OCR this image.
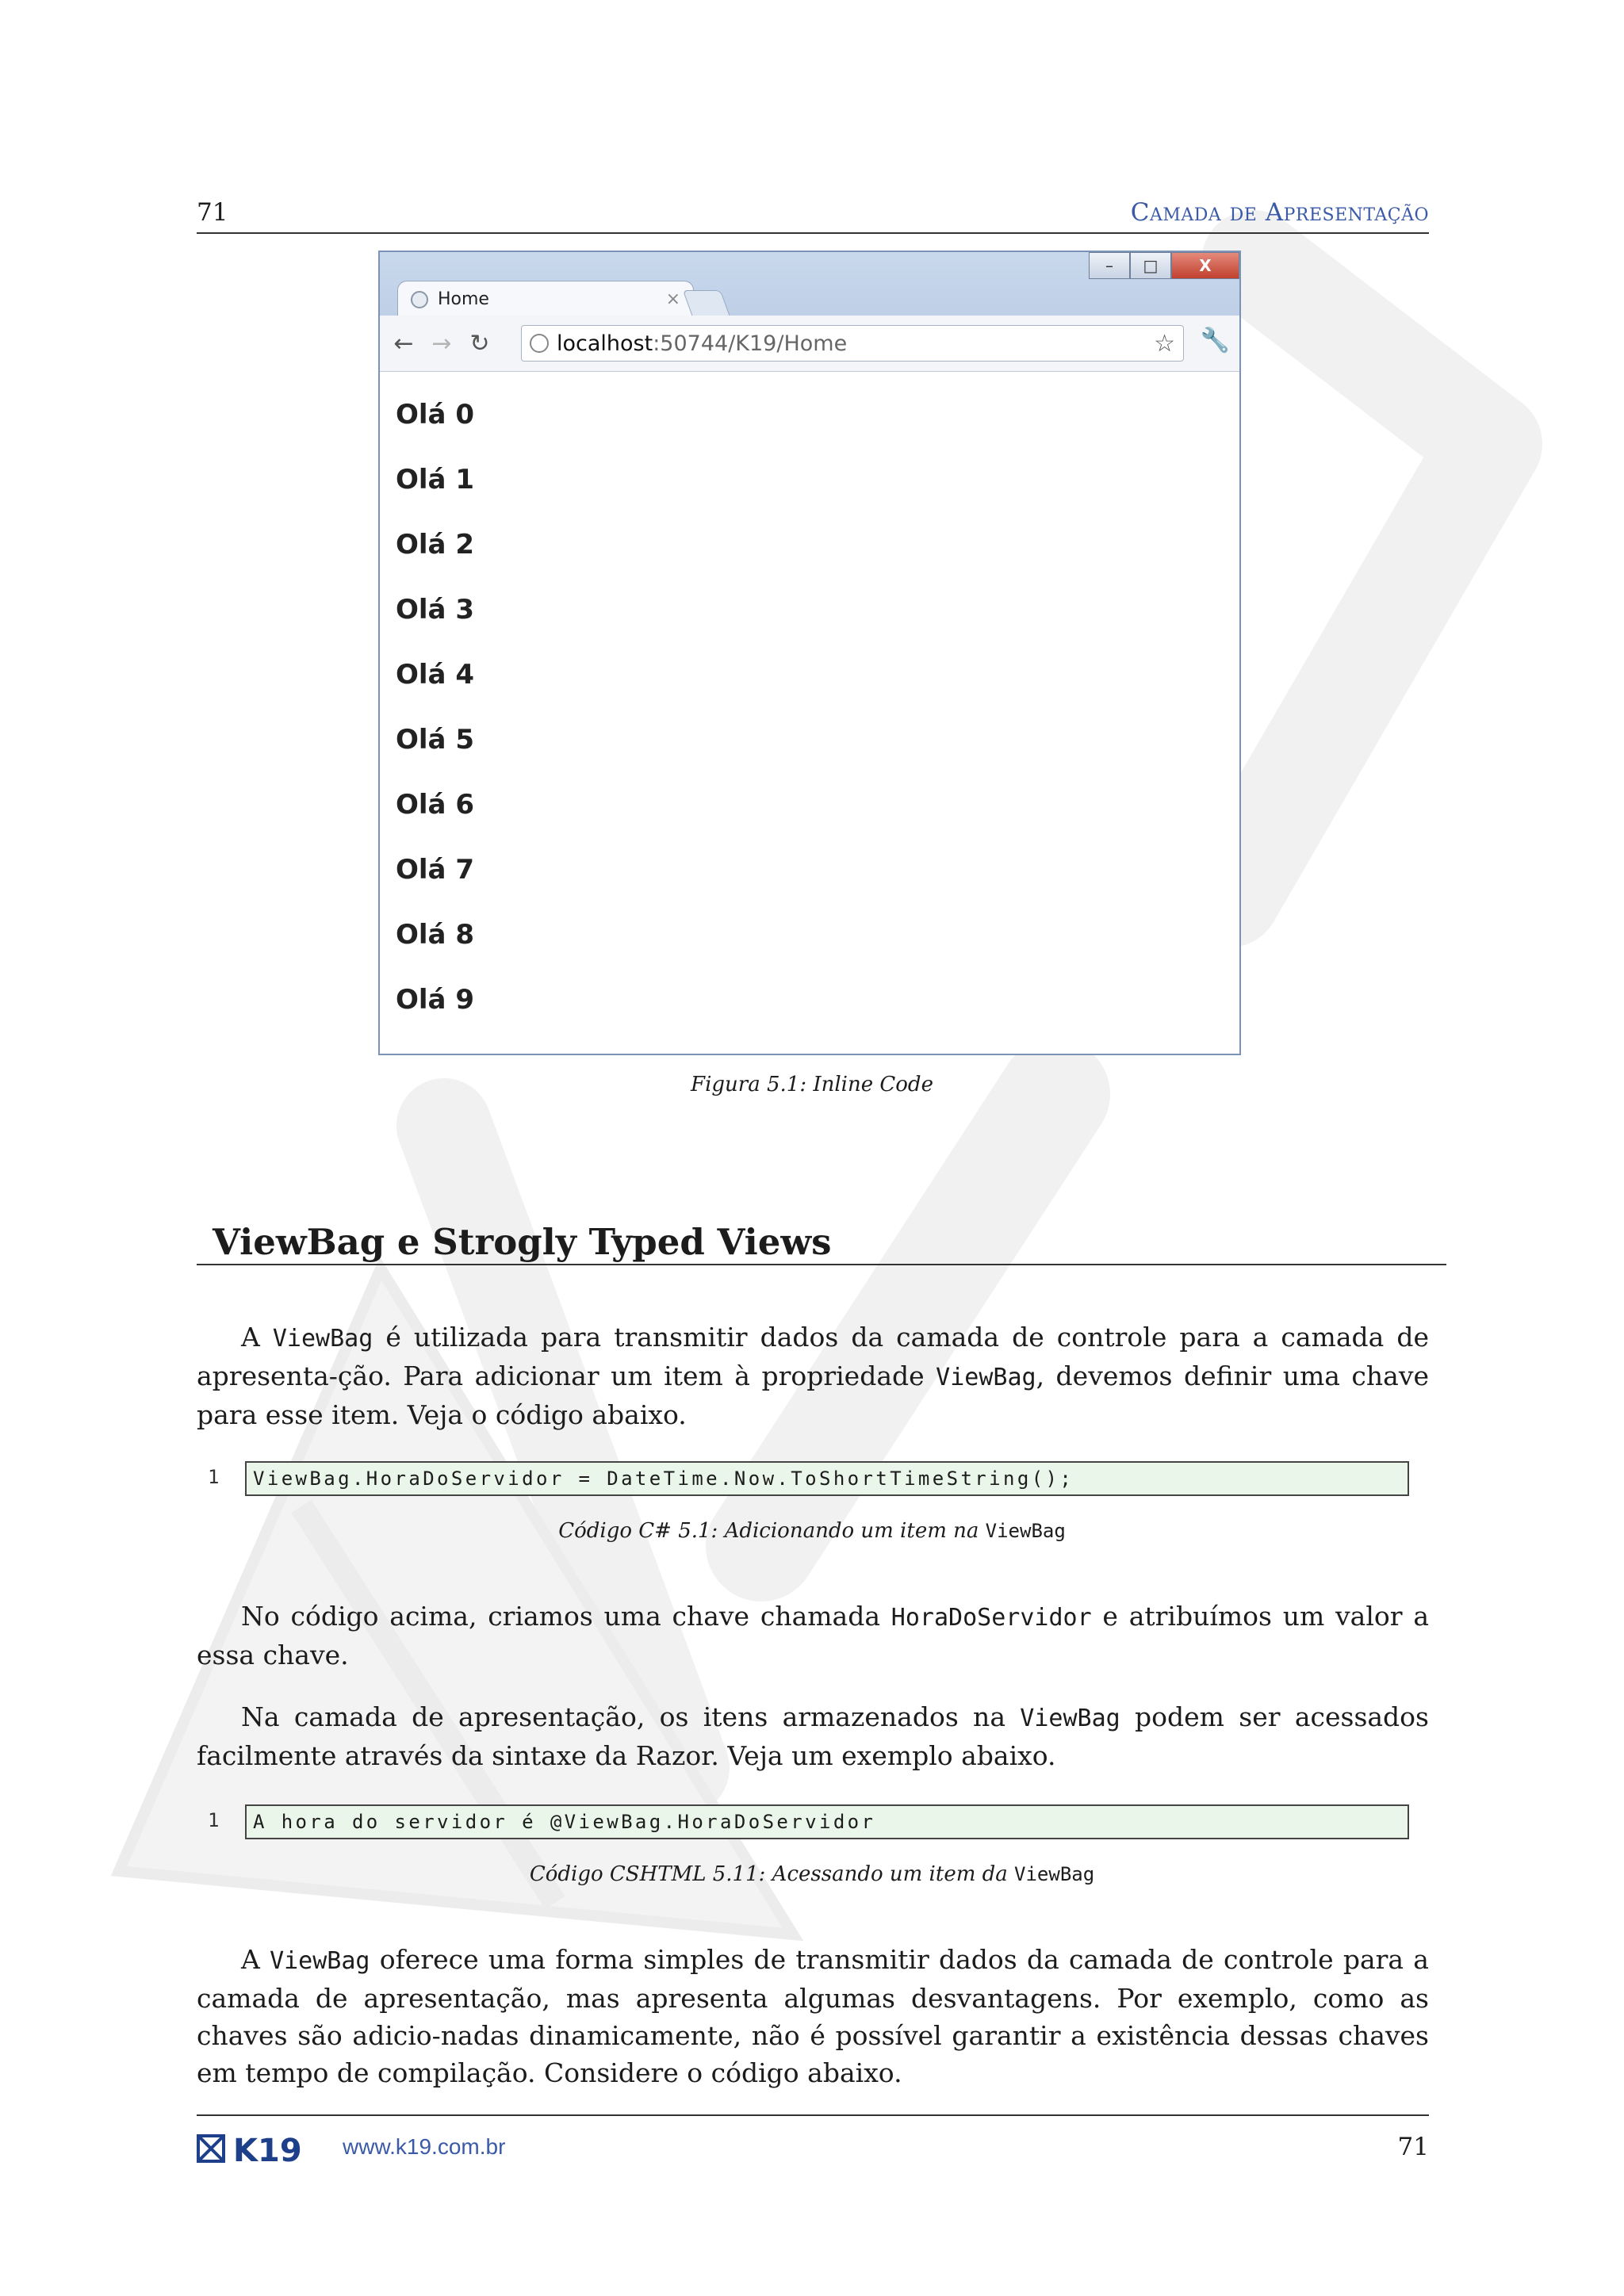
71	Camada de Apresentação
–	□	X
Home	×
← → ↻	localhost :50744/K19/Home	☆ 🔧
Olá 0
Olá 1
Olá 2
Olá 3
Olá 4
Olá 5
Olá 6
Olá 7
Olá 8
Olá 9
Figura 5.1: Inline Code
ViewBag e Strogly Typed Views
A ViewBag é utilizada para transmitir dados da camada de controle para a camada de apresenta-ção. Para adicionar um item à propriedade ViewBag, devemos definir uma chave para esse item. Veja o código abaixo.
1	ViewBag.HoraDoServidor = DateTime.Now.ToShortTimeString();
Código C# 5.1: Adicionando um item na ViewBag
No código acima, criamos uma chave chamada HoraDoServidor e atribuímos um valor a essa chave.
Na camada de apresentação, os itens armazenados na ViewBag podem ser acessados facilmente através da sintaxe da Razor. Veja um exemplo abaixo.
1	A hora do servidor é @ViewBag.HoraDoServidor
Código CSHTML 5.11: Acessando um item da ViewBag
A ViewBag oferece uma forma simples de transmitir dados da camada de controle para a camada de apresentação, mas apresenta algumas desvantagens. Por exemplo, como as chaves são adicio-nadas dinamicamente, não é possível garantir a existência dessas chaves em tempo de compilação. Considere o código abaixo.
K19 www.k19.com.br	71
